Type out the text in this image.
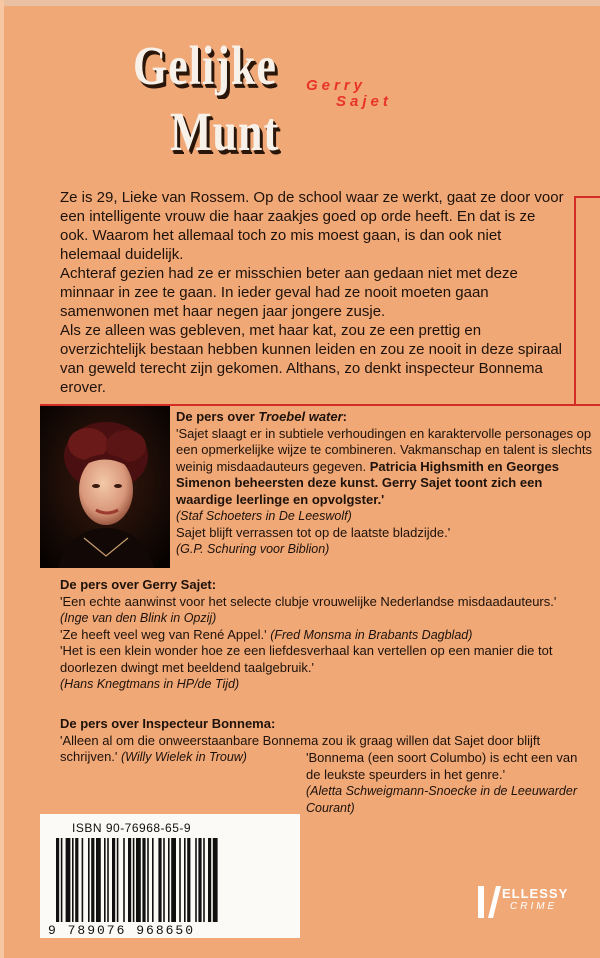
Gelijke
Munt
Gerry
Sajet

Ze is 29, Lieke van Rossem. Op de school waar ze werkt, gaat ze door voor een intelligente vrouw die haar zaakjes goed op orde heeft. En dat is ze ook. Waarom het allemaal toch zo mis moest gaan, is dan ook niet helemaal duidelijk.

Achteraf gezien had ze er misschien beter aan gedaan niet met deze minnaar in zee te gaan. In ieder geval had ze nooit moeten gaan samenwonen met haar negen jaar jongere zusje.

Als ze alleen was gebleven, met haar kat, zou ze een prettig en overzichtelijk bestaan hebben kunnen leiden en zou ze nooit in deze spiraal van geweld terecht zijn gekomen. Althans, zo denkt inspecteur Bonnema erover.

De pers over Troebel water:

'Sajet slaagt er in subtiele verhoudingen en karaktervolle personages op een opmerkelijke wijze te combineren. Vakmanschap en talent is slechts weinig misdaadauteurs gegeven. Patricia Highsmith en Georges Simenon beheersten deze kunst. Gerry Sajet toont zich een waardige leerlinge en opvolgster.'

(Staf Schoeters in De Leeswolf)

Sajet blijft verrassen tot op de laatste bladzijde.'

(G.P. Schuring voor Biblion)

De pers over Gerry Sajet:

'Een echte aanwinst voor het selecte clubje vrouwelijke Nederlandse misdaadauteurs.' (Inge van den Blink in Opzij)

'Ze heeft veel weg van René Appel.' (Fred Monsma in Brabants Dagblad)

'Het is een klein wonder hoe ze een liefdesverhaal kan vertellen op een manier die tot doorlezen dwingt met beeldend taalgebruik.'

(Hans Knegtmans in HP/de Tijd)

De pers over Inspecteur Bonnema:

'Alleen al om die onweerstaanbare Bonnema zou ik graag willen dat Sajet door blijft schrijven.' (Willy Wielek in Trouw)	'Bonnema (een soort Columbo) is echt een van de leukste speurders in het genre.'

(Aletta Schweigmann-Snoecke in de Leeuwarder Courant)

ISBN 90-76968-65-9
9 789076 968650
ELLESSY
CRIME
